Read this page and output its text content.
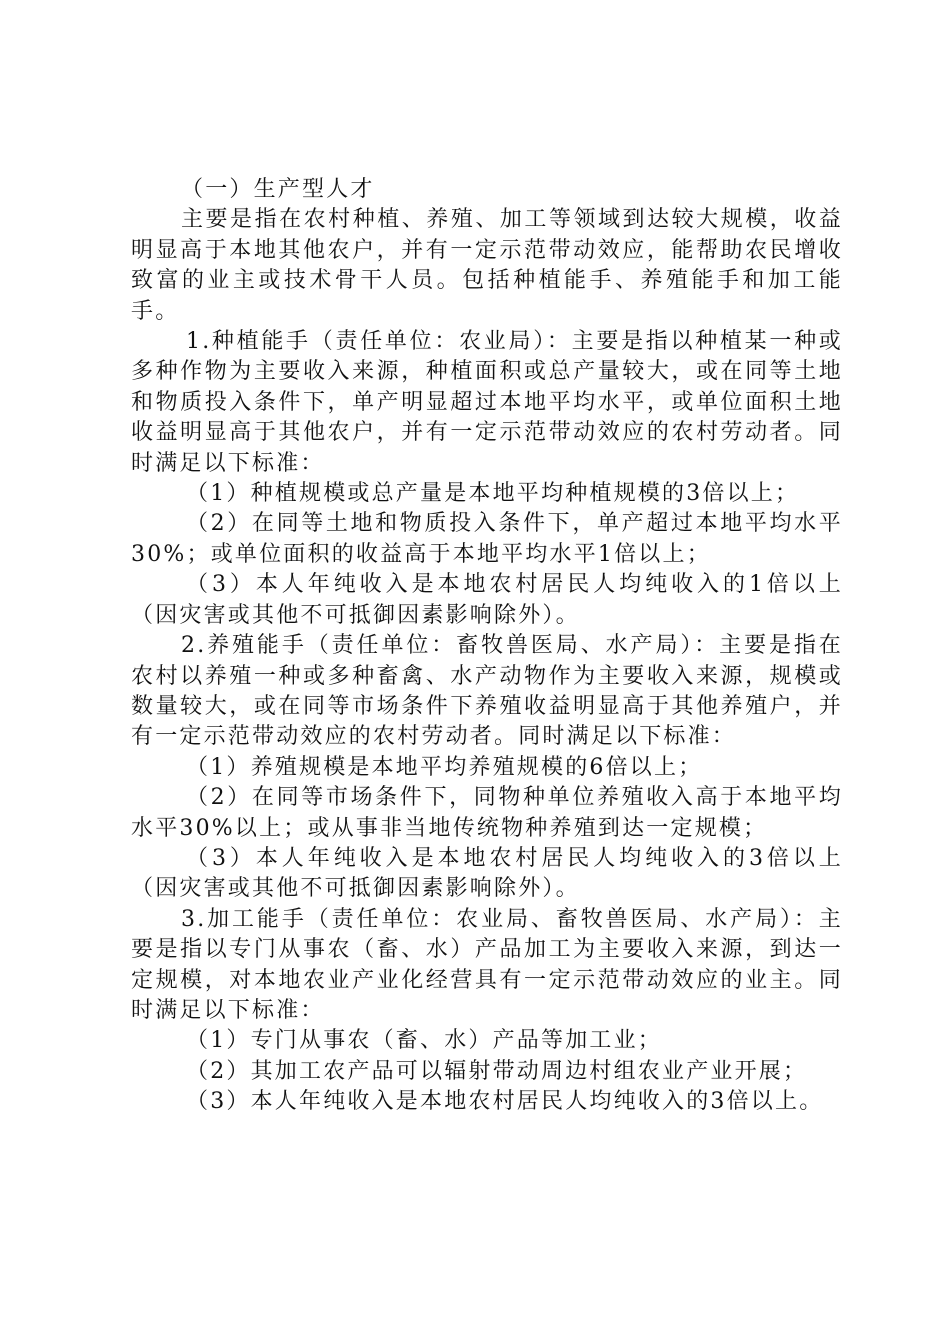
（一）生产型人才

主要是指在农村种植、养殖、加工等领域到达较大规模，收益明显高于本地其他农户，并有一定示范带动效应，能帮助农民增收致富的业主或技术骨干人员。包括种植能手、养殖能手和加工能手。

1.种植能手（责任单位：农业局）：主要是指以种植某一种或多种作物为主要收入来源，种植面积或总产量较大，或在同等土地和物质投入条件下，单产明显超过本地平均水平，或单位面积土地收益明显高于其他农户，并有一定示范带动效应的农村劳动者。同时满足以下标准：

（1）种植规模或总产量是本地平均种植规模的3倍以上；

（2）在同等土地和物质投入条件下，单产超过本地平均水平30%；或单位面积的收益高于本地平均水平1倍以上；

（3）本人年纯收入是本地农村居民人均纯收入的1倍以上（因灾害或其他不可抵御因素影响除外）。

2.养殖能手（责任单位：畜牧兽医局、水产局）：主要是指在农村以养殖一种或多种畜禽、水产动物作为主要收入来源，规模或数量较大，或在同等市场条件下养殖收益明显高于其他养殖户，并有一定示范带动效应的农村劳动者。同时满足以下标准：

（1）养殖规模是本地平均养殖规模的6倍以上；

（2）在同等市场条件下，同物种单位养殖收入高于本地平均水平30%以上；或从事非当地传统物种养殖到达一定规模；

（3）本人年纯收入是本地农村居民人均纯收入的3倍以上（因灾害或其他不可抵御因素影响除外）。

3.加工能手（责任单位：农业局、畜牧兽医局、水产局）：主要是指以专门从事农（畜、水）产品加工为主要收入来源，到达一定规模，对本地农业产业化经营具有一定示范带动效应的业主。同时满足以下标准：

（1）专门从事农（畜、水）产品等加工业；

（2）其加工农产品可以辐射带动周边村组农业产业开展；

（3）本人年纯收入是本地农村居民人均纯收入的3倍以上。
